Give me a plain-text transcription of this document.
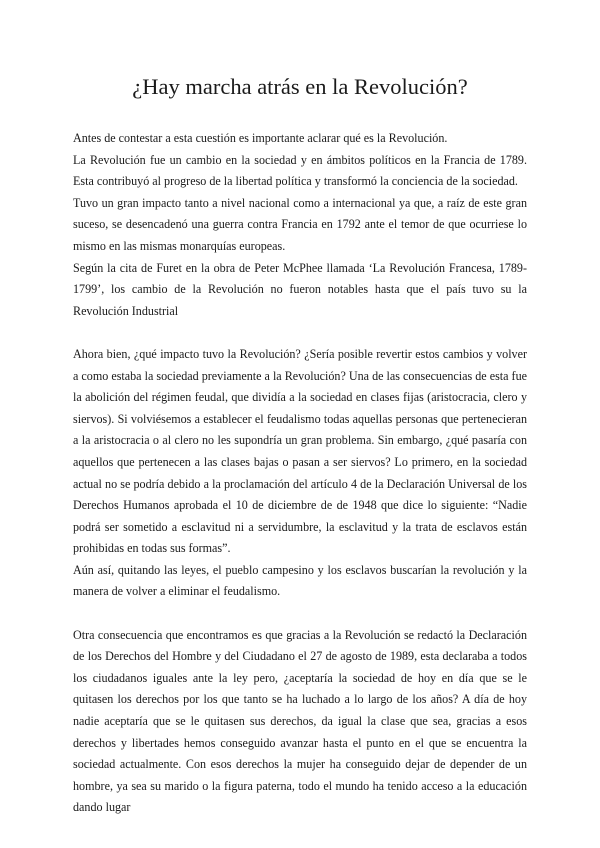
¿Hay marcha atrás en la Revolución?

Antes de contestar a esta cuestión es importante aclarar qué es la Revolución.

La Revolución fue un cambio en la sociedad y en ámbitos políticos en la Francia de 1789. Esta contribuyó al progreso de la libertad política y transformó la conciencia de la sociedad.

Tuvo un gran impacto tanto a nivel nacional como a internacional ya que, a raíz de este gran suceso, se desencadenó una guerra contra Francia en 1792 ante el temor de que ocurriese lo mismo en las mismas monarquías europeas.

Según la cita de Furet en la obra de Peter McPhee llamada ‘La Revolución Francesa, 1789-1799’, los cambio de la Revolución no fueron notables hasta que el país tuvo su la Revolución Industrial

Ahora bien, ¿qué impacto tuvo la Revolución? ¿Sería posible revertir estos cambios y volver a como estaba la sociedad previamente a la Revolución? Una de las consecuencias de esta fue la abolición del régimen feudal, que dividía a la sociedad en clases fijas (aristocracia, clero y siervos). Si volviésemos a establecer el feudalismo todas aquellas personas que pertenecieran a la aristocracia o al clero no les supondría un gran problema. Sin embargo, ¿qué pasaría con aquellos que pertenecen a las clases bajas o pasan a ser siervos? Lo primero, en la sociedad actual no se podría debido a la proclamación del artículo 4 de la Declaración Universal de los Derechos Humanos aprobada el 10 de diciembre de de 1948 que dice lo siguiente: “Nadie podrá ser sometido a esclavitud ni a servidumbre, la esclavitud y la trata de esclavos están prohibidas en todas sus formas”.

Aún así, quitando las leyes, el pueblo campesino y los esclavos buscarían la revolución y la manera de volver a eliminar el feudalismo.

Otra consecuencia que encontramos es que gracias a la Revolución se redactó la Declaración de los Derechos del Hombre y del Ciudadano el 27 de agosto de 1989, esta declaraba a todos los ciudadanos iguales ante la ley pero, ¿aceptaría la sociedad de hoy en día que se le quitasen los derechos por los que tanto se ha luchado a lo largo de los años? A día de hoy nadie aceptaría que se le quitasen sus derechos, da igual la clase que sea, gracias a esos derechos y libertades hemos conseguido avanzar hasta el punto en el que se encuentra la sociedad actualmente. Con esos derechos la mujer ha conseguido dejar de depender de un hombre, ya sea su marido o la figura paterna, todo el mundo ha tenido acceso a la educación dando lugar
